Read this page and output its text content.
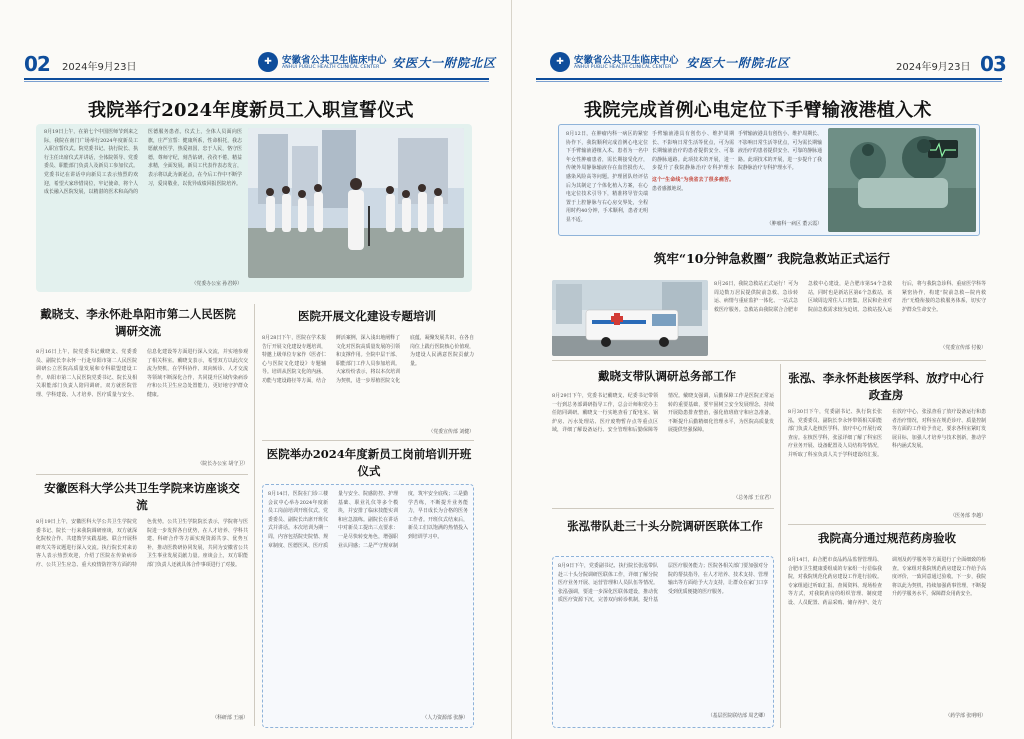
02 2024年9月23日	✚	安徽省公共卫生临床中心
ANHUI PUBLIC HEALTH CLINICAL CENTER 安医大一附院北区
我院举行2024年度新员工入职宣誓仪式
8月19日上午，在第七个中国医师节到来之际，我院在南门广场举行2024年度新员工入职宣誓仪式。院党委书记、执行院长、执行主任出席仪式并讲话，全体院领导、党委委员、职能部门负责人及新员工参加仪式。党委书记在讲话中向新员工表示热烈的欢迎，希望大家珍惜岗位，牢记使命，将个人成长融入医院发展，以精湛的医术和高尚的医德服务患者。仪式上，全体人员面向医旗，庄严宣誓：健康所系，性命相托，我志愿献身医学，热爱祖国，忠于人民，恪守医德，尊师守纪，刻苦钻研，孜孜不倦，精益求精，全面发展。新员工代表作表态发言，表示将以此为新起点，在今后工作中不断学习，爱岗敬业，以优异成绩回报医院培养。
（党委办公室 孙君婷）
戴晓支、李永怀赴阜阳市第二人民医院调研交流
8月16日上午，院党委书记戴晓支、党委委员、副院长李永怀一行赴阜阳市第二人民医院调研公立医院高质量发展和专科联盟建设工作。阜阳市第二人民医院党委书记、院长及相关职能部门负责人陪同调研。双方就医院管理、学科建设、人才培养、医疗质量与安全、信息化建设等方面进行深入交流，并实地参观了相关科室。戴晓支表示，希望双方以此次交流为契机，在学科协作、双向转诊、人才交流等领域不断深化合作，共同提升区域传染病诊疗和公共卫生应急处置能力，更好地守护群众健康。
（院长办公室 胡守卫）
医院开展文化建设专题培训
8月28日下午，医院在学术报告厅开展文化建设专题培训，特邀上级单位专家作《医者仁心与医院文化建设》专题辅导。培训从医院文化的内涵、功能与建设路径等方面，结合鲜活案例，深入浅出地阐释了文化对医院高质量发展的引领和支撑作用。全院中层干部、职能部门工作人员参加培训。大家纷纷表示，将以本次培训为契机，进一步厚植医院文化底蕴，凝聚发展共识，在各自岗位上践行医院核心价值观，为建设人民满意医院贡献力量。
（党委宣传部 刘健）
医院举办2024年度新员工岗前培训开班仪式
8月14日，医院在门诊三楼会议中心举办2024年度新员工岗前培训开班仪式。党委委员、副院长出席开班仪式并讲话。本次培训为期一周，内容包括院史院情、规章制度、医德医风、医疗质量与安全、院感防控、护理基础、职业礼仪等多个模块，并安排了临床技能实训和应急演练。副院长在讲话中对新员工提出三点要求：一是尽快转变角色，增强职业认同感；二是严守规章制度，筑牢安全底线；三是勤学苦练，不断提升业务能力，早日成长为合格的医务工作者。开班仪式结束后，新员工们以饱满的热情投入到培训学习中。
（人力资源部 张静）
安徽医科大学公共卫生学院来访座谈交流
8月19日上午，安徽医科大学公共卫生学院党委书记、院长一行来我院调研座谈，双方就深化院校合作、共建教学实践基地、联合开展科研攻关等议题进行深入交流。执行院长对来访客人表示热烈欢迎，介绍了医院在传染病诊疗、公共卫生应急、重大疫情防控等方面的特色优势。公共卫生学院院长表示，学院将与医院进一步发挥各自优势，在人才培养、学科共建、科研合作等方面实现资源共享、优势互补，推动医教研协同发展，共同为安徽省公共卫生事业发展贡献力量。座谈会上，双方职能部门负责人还就具体合作事项进行了对接。
（科研部 王丽）
✚	安徽省公共卫生临床中心
ANHUI PUBLIC HEALTH CLINICAL CENTER 安医大一附院北区	2024年9月23日 03
我院完成首例心电定位下手臂输液港植入术
8月12日，在肿瘤内科一病区的紧密协作下，我院顺利完成首例心电定位下手臂输液港植入术。患者为一名中年女性肿瘤患者，需长期接受化疗，传统外周静脉输液存在血管损伤大、感染风险高等问题。护理团队经评估后为其制定了个体化植入方案，在心电定位技术引导下，精准将导管尖端置于上腔静脉与右心房交界处，全程用时约40分钟，手术顺利，患者无明显不适。
手臂输液港具有创伤小、维护周期长、不影响日常生活等优点，可为需长期输液治疗的患者提供安全、可靠的静脉通路。此项技术的开展，进一步提升了我院静脉治疗专科护理水
这个“生命线”为我省去了很多痛苦。 患者感激地说。
手臂输液港具有创伤小、维护周期长、不影响日常生活等优点，可为需长期输液治疗的患者提供安全、可靠的静脉通路。此项技术的开展，进一步提升了我院静脉治疗专科护理水平。
（肿瘤科一病区 董云霞）
筑牢“10分钟急救圈” 我院急救站正式运行
8月26日，我院急救站正式运行！可为周边数万居民提供院前急救、急诊转运、病情与重症监护一体化、一站式急救医疗服务。急救站由我院联合合肥市急救中心建设，是合肥市第54个急救站，同时也是新站区第6个急救站，该区域周边常住人口密集，居民和企业对院前急救需求较为迫切。急救站投入运行后，将与我院急诊科、重症医学科等紧密协作，构建“院前急救—院内救治”无缝衔接的急救服务体系，切实守护群众生命安全。
（党委宣传部 付俊）
戴晓支带队调研总务部工作
8月29日下午，党委书记戴晓支、纪委书记带领一行到总务部调研指导工作，总会计师和党办主任陪同调研。戴晓支一行实地查看了配电室、锅炉房、污水处理站、医疗废物暂存点等重点区域，详细了解设备运行、安全管理和后勤保障等情况。戴晓支强调，后勤保障工作是医院正常运转的重要基础，要牢固树立安全发展理念，持续开展隐患排查整治，强化值班值守和应急准备，不断提升后勤精细化管理水平，为医院高质量发展提供坚强保障。
（总务部 王宜君）
张泓、李永怀赴核医学科、放疗中心行政查房
8月30日下午，党委副书记、执行院长张泓，党委委员、副院长李永怀带领相关职能部门负责人赴核医学科、放疗中心开展行政查房。在核医学科，张泓详细了解了科室医疗业务开展、设备配置及人员结构等情况，并听取了科室负责人关于学科建设的汇报。在放疗中心，张泓查看了放疗设备运行和患者治疗情况，对科室在规范诊疗、质量控制等方面的工作给予肯定，要求各科室紧盯发展目标，加强人才培养与技术创新，推动学科内涵式发展。
（医务部 李越）
张泓带队赴三十头分院调研医联体工作
8月9日下午，党委副书记、执行院长张泓带队赴三十头分院调研医联体工作，详细了解分院医疗业务开展、运营管理和人员队伍等情况。张泓强调，要进一步深化医联体建设，推动优质医疗资源下沉，完善双向转诊机制，提升基层医疗服务能力；医院各相关部门要加强对分院的帮扶指导，在人才培养、技术支持、管理输出等方面给予大力支持，让群众在家门口享受到优质便捷的医疗服务。
（基层医院联结部 周艺卿）
我院高分通过规范药房验收
8月14日，由合肥市食品药品监督管理局、合肥市卫生健康委组成的专家组一行莅临我院，对我院规范化药房建设工作进行验收。专家组通过听取汇报、查阅资料、现场检查等方式，对我院药房的组织管理、制度建设、人员配置、药品采购、储存养护、处方调剂及药学服务等方面进行了全面细致的检查。专家组对我院规范药房建设工作给予高度评价，一致同意通过验收。下一步，我院将以此为契机，持续加强药事管理，不断提升药学服务水平，保障群众用药安全。
（药学部 张明明）
